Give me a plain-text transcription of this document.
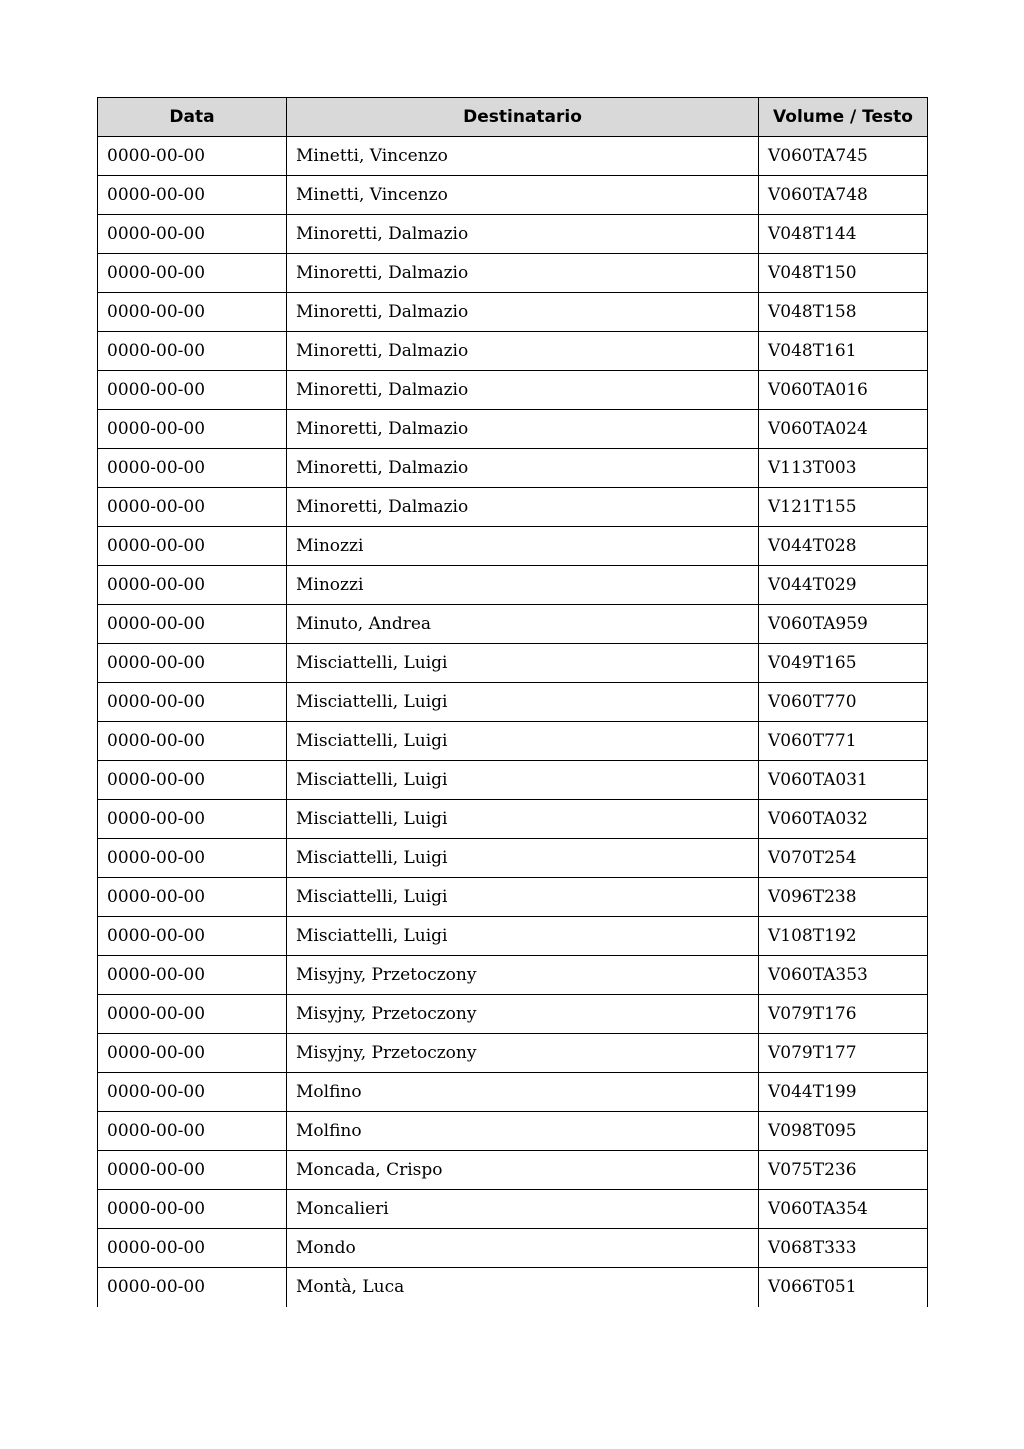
Data	Destinatario	Volume / Testo
0000-00-00	Minetti, Vincenzo	V060TA745
0000-00-00	Minetti, Vincenzo	V060TA748
0000-00-00	Minoretti, Dalmazio	V048T144
0000-00-00	Minoretti, Dalmazio	V048T150
0000-00-00	Minoretti, Dalmazio	V048T158
0000-00-00	Minoretti, Dalmazio	V048T161
0000-00-00	Minoretti, Dalmazio	V060TA016
0000-00-00	Minoretti, Dalmazio	V060TA024
0000-00-00	Minoretti, Dalmazio	V113T003
0000-00-00	Minoretti, Dalmazio	V121T155
0000-00-00	Minozzi	V044T028
0000-00-00	Minozzi	V044T029
0000-00-00	Minuto, Andrea	V060TA959
0000-00-00	Misciattelli, Luigi	V049T165
0000-00-00	Misciattelli, Luigi	V060T770
0000-00-00	Misciattelli, Luigi	V060T771
0000-00-00	Misciattelli, Luigi	V060TA031
0000-00-00	Misciattelli, Luigi	V060TA032
0000-00-00	Misciattelli, Luigi	V070T254
0000-00-00	Misciattelli, Luigi	V096T238
0000-00-00	Misciattelli, Luigi	V108T192
0000-00-00	Misyjny, Przetoczony	V060TA353
0000-00-00	Misyjny, Przetoczony	V079T176
0000-00-00	Misyjny, Przetoczony	V079T177
0000-00-00	Molfino	V044T199
0000-00-00	Molfino	V098T095
0000-00-00	Moncada, Crispo	V075T236
0000-00-00	Moncalieri	V060TA354
0000-00-00	Mondo	V068T333
0000-00-00	Montà, Luca	V066T051
